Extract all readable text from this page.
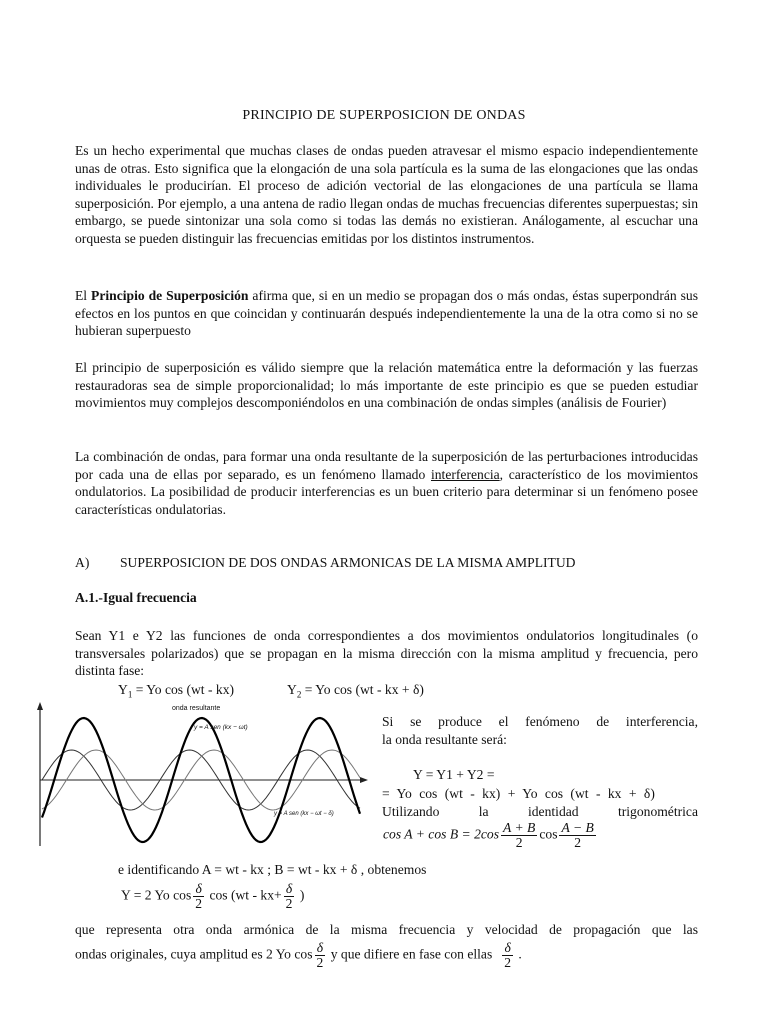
PRINCIPIO DE SUPERPOSICION DE ONDAS
Es un hecho experimental que muchas clases de ondas pueden atravesar el mismo espacio independientemente unas de otras. Esto significa que la elongación de una sola partícula es la suma de las elongaciones que las ondas individuales le producirían. El proceso de adición vectorial de las elongaciones de una partícula se llama superposición. Por ejemplo, a una antena de radio llegan ondas de muchas frecuencias diferentes superpuestas; sin embargo, se puede sintonizar una sola como si todas las demás no existieran. Análogamente, al escuchar una orquesta se pueden distinguir las frecuencias emitidas por los distintos instrumentos.
El Principio de Superposición afirma que, si en un medio se propagan dos o más ondas, éstas superpondrán sus efectos en los puntos en que coincidan y continuarán después independientemente la una de la otra como si no se hubieran superpuesto
El principio de superposición es válido siempre que la relación matemática entre la deformación y las fuerzas restauradoras sea de simple proporcionalidad; lo más importante de este principio es que se pueden estudiar movimientos muy complejos descomponiéndolos en una combinación de ondas simples (análisis de Fourier)
La combinación de ondas, para formar una onda resultante de la superposición de las perturbaciones introducidas por cada una de ellas por separado, es un fenómeno llamado interferencia, característico de los movimientos ondulatorios. La posibilidad de producir interferencias es un buen criterio para determinar si un fenómeno posee características ondulatorias.
A) SUPERPOSICION DE DOS ONDAS ARMONICAS DE LA MISMA AMPLITUD
A.1.-Igual frecuencia
Sean Y1 e Y2 las funciones de onda correspondientes a dos movimientos ondulatorios longitudinales (o transversales polarizados) que se propagan en la misma dirección con la misma amplitud y frecuencia, pero distinta fase:
$Y_1 = Yo$ cos (wt - kx)	$Y_2 = Yo$ cos (wt - kx + δ)
onda resultante
y = A sen (kx − ωt)
y = A sen (kx − ωt − δ)
Si se produce el fenómeno de interferencia,
la onda resultante será:
Y = Y1 + Y2 =
= Yo cos (wt - kx) + Yo cos (wt - kx + δ)
Utilizando	la	identidad	trigonométrica
$\cos A + \cos B = 2\cos \frac{A + B}{2}$ $\cos \frac{A - B}{2}$
e identificando A = wt - kx ; B = wt - kx + δ , obtenemos
Y = 2 Yo $\cos \frac{\delta}{2}$ $\cos (wt - kx+ \frac{\delta}{2}$ )
que representa otra onda armónica de la misma frecuencia y velocidad de propagación que las
ondas originales, cuya amplitud es 2 Yo $\cos \frac{\delta}{2}$ y que difiere en fase con ellas $\frac{\delta}{2}$ .
